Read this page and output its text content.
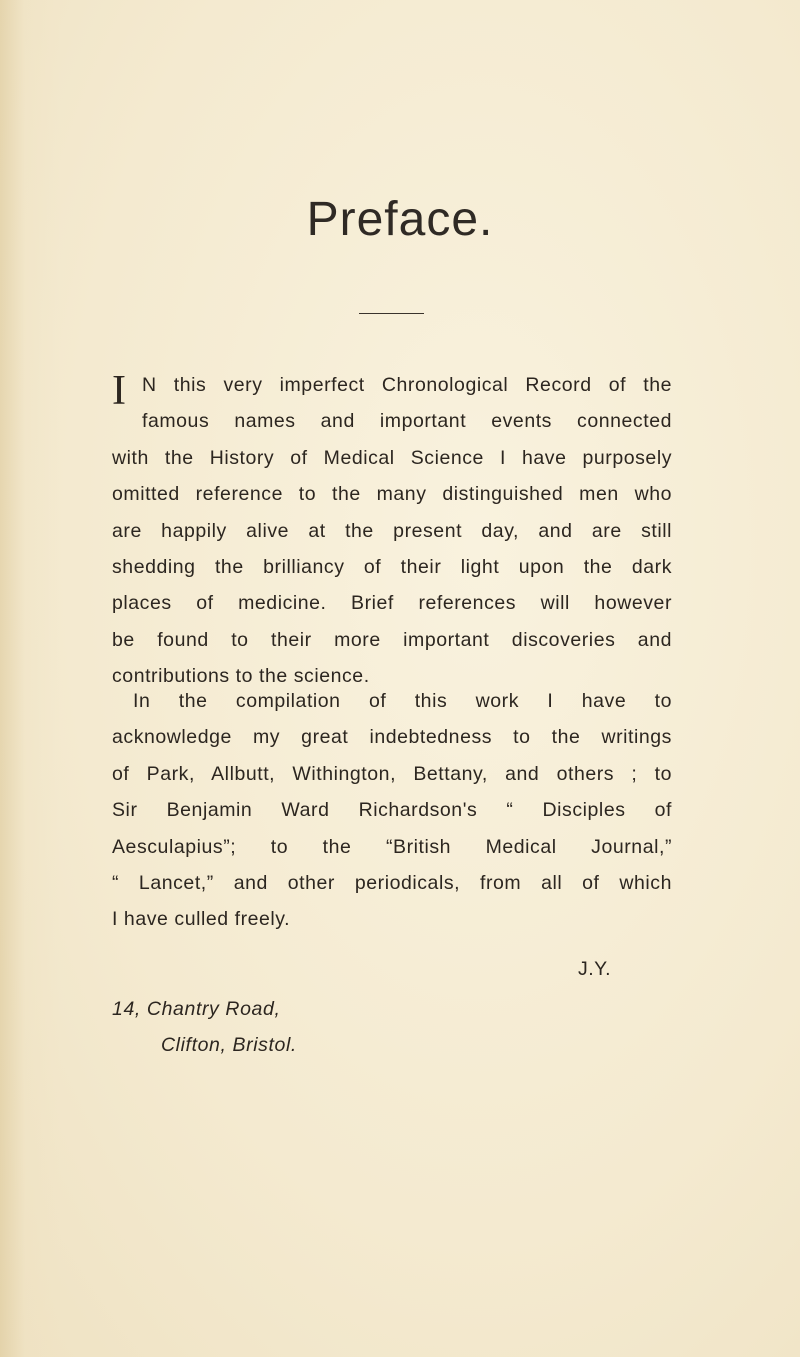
Preface.
I N this very imperfect Chronological Record of the
famous names and important events connected
with the History of Medical Science I have purposely
omitted reference to the many distinguished men who
are happily alive at the present day, and are still
shedding the brilliancy of their light upon the dark
places of medicine. Brief references will however
be found to their more important discoveries and
contributions to the science.

In the compilation of this work I have to
acknowledge my great indebtedness to the writings
of Park, Allbutt, Withington, Bettany, and others ; to
Sir Benjamin Ward Richardson's “ Disciples of
Aesculapius”; to the “British Medical Journal,”
“ Lancet,” and other periodicals, from all of which
I have culled freely.

J.Y.
14, Chantry Road,
Clifton, Bristol.
